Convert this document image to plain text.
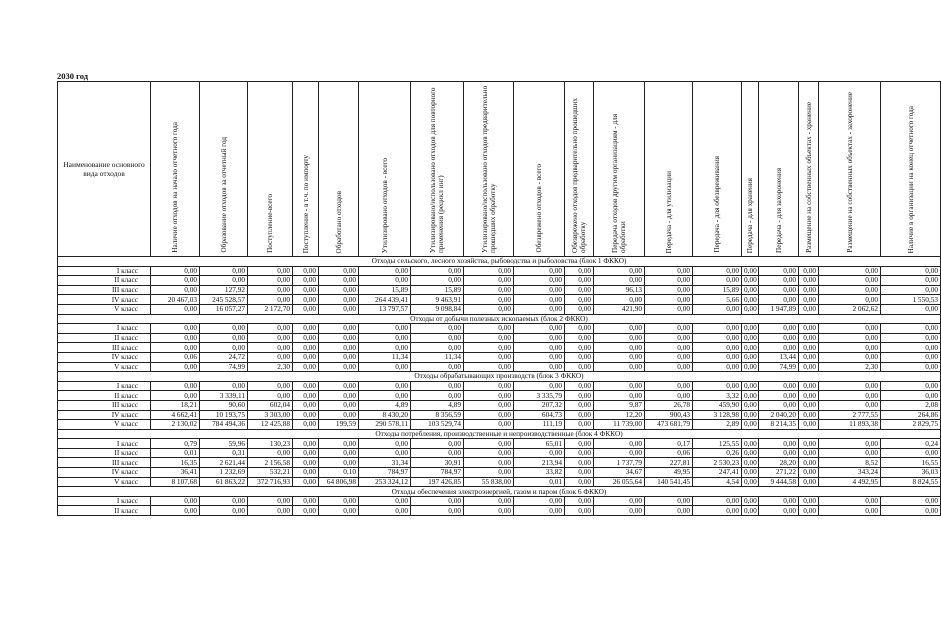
2030 год
Наименование основного вида отходов	Наличие отходов на начало отчетного года	Образование отходов за отчетный год	Поступление-всего	Поступление - в т.ч. по импорту	Обработано отходов	Утилизировано отходов - всего	Утилизировано/использовано отходов для повторного применения (рецикл инг)	Утилизировано/использовано отходов предварительно прошедших обработку	Обезврежено отходов - всего	Обезврежено отходов предварительно прошедших обработку	Передача отходов другим организациям - для обработки	Передача - для утилизации	Передача - для обезвреживания	Передача - для хранения	Передача - для захоронения	Размещение на собственных объектах - хранение	Размещение на собственных объектах - захоронение	Наличие в организации на конец отчетного года

Отходы сельского, лесного хозяйства, рыбоводства и рыболовства (блок 1 ФККО)																		
I класс	0,00	0,00	0,00	0,00	0,00	0,00	0,00	0,00	0,00	0,00	0,00	0,00	0,00	0,00	0,00	0,00	0,00	0,00
II класс	0,00	0,00	0,00	0,00	0,00	0,00	0,00	0,00	0,00	0,00	0,00	0,00	0,00	0,00	0,00	0,00	0,00	0,00
III класс	0,00	127,92	0,00	0,00	0,00	15,89	15,89	0,00	0,00	0,00	96,13	0,00	15,89	0,00	0,00	0,00	0,00	0,00
IV класс	20 467,03	245 528,57	0,00	0,00	0,00	264 439,41	9 463,91	0,00	0,00	0,00	0,00	0,00	5,66	0,00	0,00	0,00	0,00	1 550,53
V класс	0,00	16 057,27	2 172,70	0,00	0,00	13 797,57	9 098,84	0,00	0,00	0,00	421,90	0,00	0,00	0,00	1 947,89	0,00	2 062,62	0,00
Отходы от добычи полезных ископаемых (блок 2 ФККО)																		
I класс	0,00	0,00	0,00	0,00	0,00	0,00	0,00	0,00	0,00	0,00	0,00	0,00	0,00	0,00	0,00	0,00	0,00	0,00
II класс	0,00	0,00	0,00	0,00	0,00	0,00	0,00	0,00	0,00	0,00	0,00	0,00	0,00	0,00	0,00	0,00	0,00	0,00
III класс	0,00	0,00	0,00	0,00	0,00	0,00	0,00	0,00	0,00	0,00	0,00	0,00	0,00	0,00	0,00	0,00	0,00	0,00
IV класс	0,06	24,72	0,00	0,00	0,00	11,34	11,34	0,00	0,00	0,00	0,00	0,00	0,00	0,00	13,44	0,00	0,00	0,00
V класс	0,00	74,99	2,30	0,00	0,00	0,00	0,00	0,00	0,00	0,00	0,00	0,00	0,00	0,00	74,99	0,00	2,30	0,00
Отходы обрабатывающих производств (блок 3 ФККО)																		
I класс	0,00	0,00	0,00	0,00	0,00	0,00	0,00	0,00	0,00	0,00	0,00	0,00	0,00	0,00	0,00	0,00	0,00	0,00
II класс	0,00	3 339,11	0,00	0,00	0,00	0,00	0,00	0,00	3 335,79	0,00	0,00	0,00	3,32	0,00	0,00	0,00	0,00	0,00
III класс	18,21	90,60	602,04	0,00	0,00	4,89	4,89	0,00	207,32	0,00	9,87	26,78	459,90	0,00	0,00	0,00	0,00	2,08
IV класс	4 662,41	10 193,75	3 303,00	0,00	0,00	8 430,20	8 356,59	0,00	604,73	0,00	12,20	900,43	3 128,98	0,00	2 040,20	0,00	2 777,55	264,86
V класс	2 130,02	784 494,36	12 425,88	0,00	199,59	290 578,11	103 529,74	0,00	111,19	0,00	11 739,00	473 681,79	2,89	0,00	8 214,35	0,00	11 893,38	2 829,75
Отходы потребления, производственные и непроизводственные (блок 4 ФККО)																		
I класс	0,79	59,96	130,23	0,00	0,00	0,00	0,00	0,00	65,01	0,00	0,00	0,17	125,55	0,00	0,00	0,00	0,00	0,24
II класс	0,01	0,31	0,00	0,00	0,00	0,00	0,00	0,00	0,00	0,00	0,00	0,06	0,26	0,00	0,00	0,00	0,00	0,00
III класс	16,35	2 621,44	2 156,58	0,00	0,00	31,34	30,91	0,00	213,94	0,00	1 737,79	227,81	2 530,23	0,00	28,20	0,00	8,52	16,55
IV класс	36,41	1 232,69	532,21	0,00	0,10	784,97	784,97	0,00	33,82	0,00	34,67	49,95	247,41	0,00	271,22	0,00	343,24	36,03
V класс	8 107,68	61 863,22	372 716,93	0,00	64 806,98	253 324,12	197 426,85	55 838,00	0,01	0,00	26 055,64	140 541,45	4,54	0,00	9 444,58	0,00	4 492,95	8 824,55
Отходы обеспечения электроэнергией, газом и паром (блок 6 ФККО)																		
I класс	0,00	0,00	0,00	0,00	0,00	0,00	0,00	0,00	0,00	0,00	0,00	0,00	0,00	0,00	0,00	0,00	0,00	0,00
II класс	0,00	0,00	0,00	0,00	0,00	0,00	0,00	0,00	0,00	0,00	0,00	0,00	0,00	0,00	0,00	0,00	0,00	0,00
